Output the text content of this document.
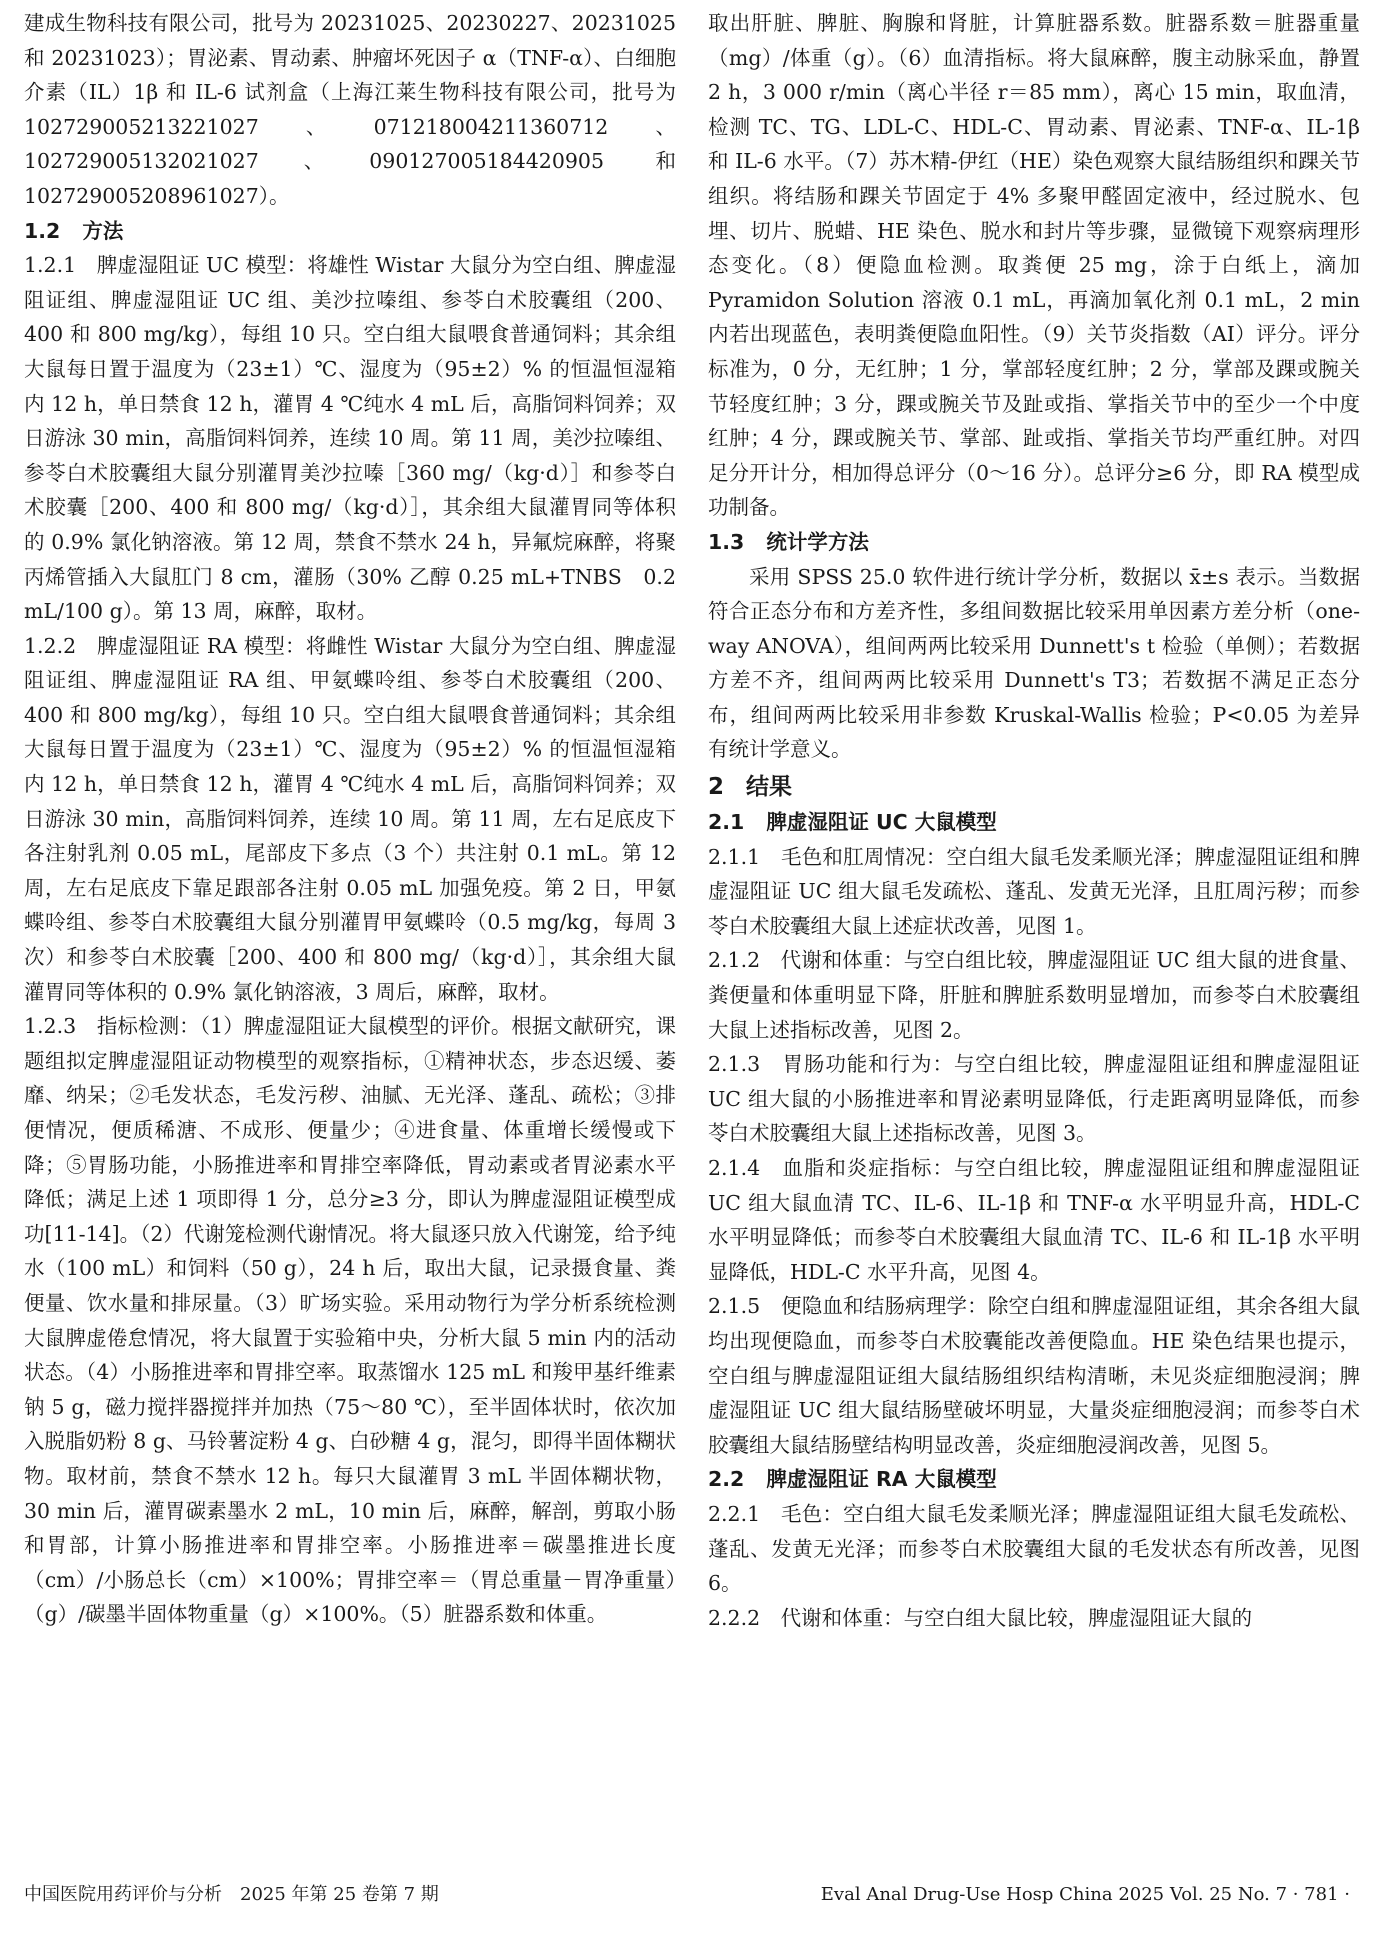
建成生物科技有限公司，批号为 20231025、20230227、20231025 和 20231023）；胃泌素、胃动素、肿瘤坏死因子 α（TNF-α）、白细胞介素（IL）1β 和 IL-6 试剂盒（上海江莱生物科技有限公司，批号为 102729005213221027、071218004211360712、102729005132021027、090127005184420905 和 102729005208961027）。

1.2 方法

1.2.1　脾虚湿阻证 UC 模型：将雄性 Wistar 大鼠分为空白组、脾虚湿阻证组、脾虚湿阻证 UC 组、美沙拉嗪组、参苓白术胶囊组（200、400 和 800 mg/kg），每组 10 只。空白组大鼠喂食普通饲料；其余组大鼠每日置于温度为（23±1）℃、湿度为（95±2）% 的恒温恒湿箱内 12 h，单日禁食 12 h，灌胃 4 ℃纯水 4 mL 后，高脂饲料饲养；双日游泳 30 min，高脂饲料饲养，连续 10 周。第 11 周，美沙拉嗪组、参苓白术胶囊组大鼠分别灌胃美沙拉嗪［360 mg/（kg·d）］和参苓白术胶囊［200、400 和 800 mg/（kg·d）］，其余组大鼠灌胃同等体积的 0.9% 氯化钠溶液。第 12 周，禁食不禁水 24 h，异氟烷麻醉，将聚丙烯管插入大鼠肛门 8 cm，灌肠（30% 乙醇 0.25 mL+TNBS　0.2 mL/100 g）。第 13 周，麻醉，取材。

1.2.2　脾虚湿阻证 RA 模型：将雌性 Wistar 大鼠分为空白组、脾虚湿阻证组、脾虚湿阻证 RA 组、甲氨蝶呤组、参苓白术胶囊组（200、400 和 800 mg/kg），每组 10 只。空白组大鼠喂食普通饲料；其余组大鼠每日置于温度为（23±1）℃、湿度为（95±2）% 的恒温恒湿箱内 12 h，单日禁食 12 h，灌胃 4 ℃纯水 4 mL 后，高脂饲料饲养；双日游泳 30 min，高脂饲料饲养，连续 10 周。第 11 周，左右足底皮下各注射乳剂 0.05 mL，尾部皮下多点（3 个）共注射 0.1 mL。第 12 周，左右足底皮下靠足跟部各注射 0.05 mL 加强免疫。第 2 日，甲氨蝶呤组、参苓白术胶囊组大鼠分别灌胃甲氨蝶呤（0.5 mg/kg，每周 3 次）和参苓白术胶囊［200、400 和 800 mg/（kg·d）］，其余组大鼠灌胃同等体积的 0.9% 氯化钠溶液，3 周后，麻醉，取材。

1.2.3　指标检测：（1）脾虚湿阻证大鼠模型的评价。根据文献研究，课题组拟定脾虚湿阻证动物模型的观察指标，①精神状态，步态迟缓、萎靡、纳呆；②毛发状态，毛发污秽、油腻、无光泽、蓬乱、疏松；③排便情况，便质稀溏、不成形、便量少；④进食量、体重增长缓慢或下降；⑤胃肠功能，小肠推进率和胃排空率降低，胃动素或者胃泌素水平降低；满足上述 1 项即得 1 分，总分≥3 分，即认为脾虚湿阻证模型成功[11-14]。（2）代谢笼检测代谢情况。将大鼠逐只放入代谢笼，给予纯水（100 mL）和饲料（50 g），24 h 后，取出大鼠，记录摄食量、粪便量、饮水量和排尿量。（3）旷场实验。采用动物行为学分析系统检测大鼠脾虚倦怠情况，将大鼠置于实验箱中央，分析大鼠 5 min 内的活动状态。（4）小肠推进率和胃排空率。取蒸馏水 125 mL 和羧甲基纤维素钠 5 g，磁力搅拌器搅拌并加热（75～80 ℃），至半固体状时，依次加入脱脂奶粉 8 g、马铃薯淀粉 4 g、白砂糖 4 g，混匀，即得半固体糊状物。取材前，禁食不禁水 12 h。每只大鼠灌胃 3 mL 半固体糊状物，30 min 后，灌胃碳素墨水 2 mL，10 min 后，麻醉，解剖，剪取小肠和胃部，计算小肠推进率和胃排空率。小肠推进率＝碳墨推进长度（cm）/小肠总长（cm）×100%；胃排空率＝（胃总重量－胃净重量）（g）/碳墨半固体物重量（g）×100%。（5）脏器系数和体重。

取出肝脏、脾脏、胸腺和肾脏，计算脏器系数。脏器系数＝脏器重量（mg）/体重（g）。（6）血清指标。将大鼠麻醉，腹主动脉采血，静置 2 h，3 000 r/min（离心半径 r＝85 mm），离心 15 min，取血清，检测 TC、TG、LDL-C、HDL-C、胃动素、胃泌素、TNF-α、IL-1β 和 IL-6 水平。（7）苏木精-伊红（HE）染色观察大鼠结肠组织和踝关节组织。将结肠和踝关节固定于 4% 多聚甲醛固定液中，经过脱水、包埋、切片、脱蜡、HE 染色、脱水和封片等步骤，显微镜下观察病理形态变化。（8）便隐血检测。取粪便 25 mg，涂于白纸上，滴加 Pyramidon Solution 溶液 0.1 mL，再滴加氧化剂 0.1 mL，2 min 内若出现蓝色，表明粪便隐血阳性。（9）关节炎指数（AI）评分。评分标准为，0 分，无红肿；1 分，掌部轻度红肿；2 分，掌部及踝或腕关节轻度红肿；3 分，踝或腕关节及趾或指、掌指关节中的至少一个中度红肿；4 分，踝或腕关节、掌部、趾或指、掌指关节均严重红肿。对四足分开计分，相加得总评分（0～16 分）。总评分≥6 分，即 RA 模型成功制备。

1.3 统计学方法

采用 SPSS 25.0 软件进行统计学分析，数据以 x̄±s 表示。当数据符合正态分布和方差齐性，多组间数据比较采用单因素方差分析（one-way ANOVA），组间两两比较采用 Dunnett's t 检验（单侧）；若数据方差不齐，组间两两比较采用 Dunnett's T3；若数据不满足正态分布，组间两两比较采用非参数 Kruskal-Wallis 检验；P<0.05 为差异有统计学意义。

2 结果
2.1 脾虚湿阻证 UC 大鼠模型

2.1.1　毛色和肛周情况：空白组大鼠毛发柔顺光泽；脾虚湿阻证组和脾虚湿阻证 UC 组大鼠毛发疏松、蓬乱、发黄无光泽，且肛周污秽；而参苓白术胶囊组大鼠上述症状改善，见图 1。

2.1.2　代谢和体重：与空白组比较，脾虚湿阻证 UC 组大鼠的进食量、粪便量和体重明显下降，肝脏和脾脏系数明显增加，而参苓白术胶囊组大鼠上述指标改善，见图 2。

2.1.3　胃肠功能和行为：与空白组比较，脾虚湿阻证组和脾虚湿阻证 UC 组大鼠的小肠推进率和胃泌素明显降低，行走距离明显降低，而参苓白术胶囊组大鼠上述指标改善，见图 3。

2.1.4　血脂和炎症指标：与空白组比较，脾虚湿阻证组和脾虚湿阻证 UC 组大鼠血清 TC、IL-6、IL-1β 和 TNF-α 水平明显升高，HDL-C 水平明显降低；而参苓白术胶囊组大鼠血清 TC、IL-6 和 IL-1β 水平明显降低，HDL-C 水平升高，见图 4。

2.1.5　便隐血和结肠病理学：除空白组和脾虚湿阻证组，其余各组大鼠均出现便隐血，而参苓白术胶囊能改善便隐血。HE 染色结果也提示，空白组与脾虚湿阻证组大鼠结肠组织结构清晰，未见炎症细胞浸润；脾虚湿阻证 UC 组大鼠结肠壁破坏明显，大量炎症细胞浸润；而参苓白术胶囊组大鼠结肠壁结构明显改善，炎症细胞浸润改善，见图 5。

2.2 脾虚湿阻证 RA 大鼠模型

2.2.1　毛色：空白组大鼠毛发柔顺光泽；脾虚湿阻证组大鼠毛发疏松、蓬乱、发黄无光泽；而参苓白术胶囊组大鼠的毛发状态有所改善，见图 6。

2.2.2　代谢和体重：与空白组大鼠比较，脾虚湿阻证大鼠的

中国医院用药评价与分析　2025 年第 25 卷第 7 期	Eval Anal Drug-Use Hosp China 2025 Vol. 25 No. 7 · 781 ·
